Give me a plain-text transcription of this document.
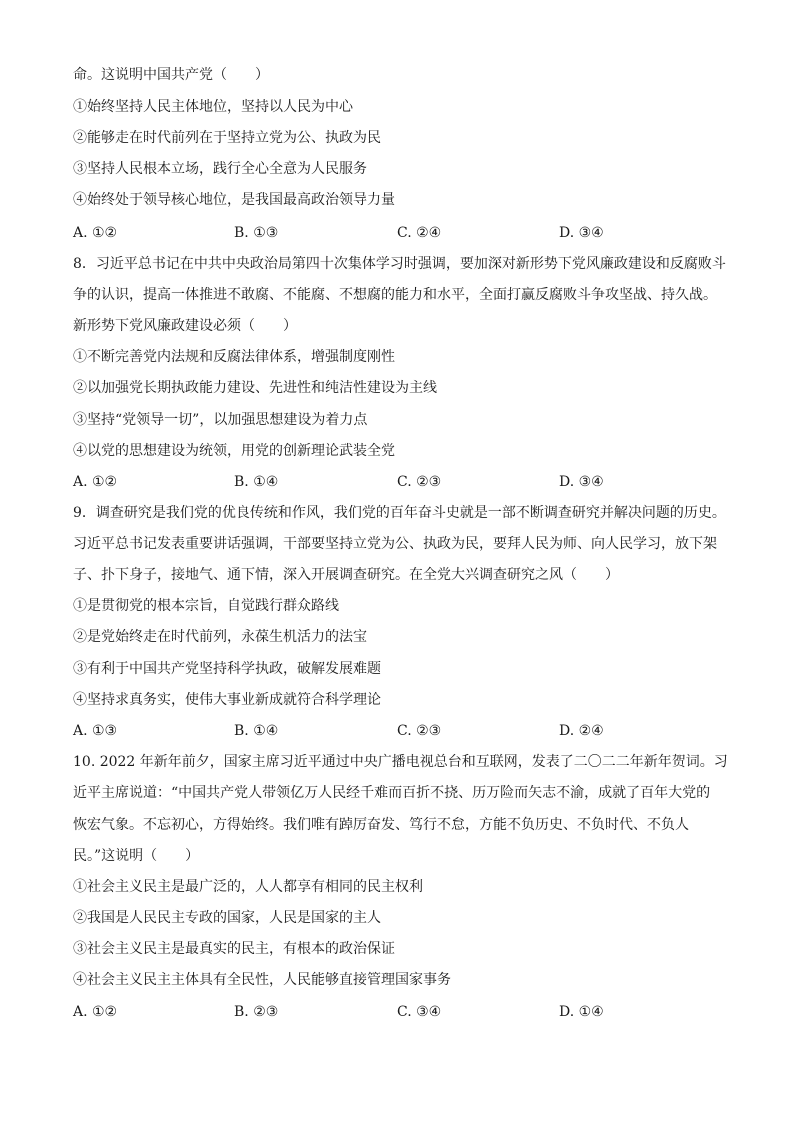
命。这说明中国共产党（　　）
①始终坚持人民主体地位，坚持以人民为中心
②能够走在时代前列在于坚持立党为公、执政为民
③坚持人民根本立场，践行全心全意为人民服务
④始终处于领导核心地位，是我国最高政治领导力量
A. ①②	B. ①③	C. ②④	D. ③④
8．习近平总书记在中共中央政治局第四十次集体学习时强调，要加深对新形势下党风廉政建设和反腐败斗
争的认识，提高一体推进不敢腐、不能腐、不想腐的能力和水平，全面打赢反腐败斗争攻坚战、持久战。
新形势下党风廉政建设必须（　　）
①不断完善党内法规和反腐法律体系，增强制度刚性
②以加强党长期执政能力建设、先进性和纯洁性建设为主线
③坚持“党领导一切”，以加强思想建设为着力点
④以党的思想建设为统领，用党的创新理论武装全党
A. ①②	B. ①④	C. ②③	D. ③④
9．调查研究是我们党的优良传统和作风，我们党的百年奋斗史就是一部不断调查研究并解决问题的历史。
习近平总书记发表重要讲话强调，干部要坚持立党为公、执政为民，要拜人民为师、向人民学习，放下架
子、扑下身子，接地气、通下情，深入开展调查研究。在全党大兴调查研究之风（　　）
①是贯彻党的根本宗旨，自觉践行群众路线
②是党始终走在时代前列，永葆生机活力的法宝
③有利于中国共产党坚持科学执政，破解发展难题
④坚持求真务实，使伟大事业新成就符合科学理论
A. ①③	B. ①④	C. ②③	D. ②④
10. 2022 年新年前夕，国家主席习近平通过中央广播电视总台和互联网，发表了二〇二二年新年贺词。习
近平主席说道：“中国共产党人带领亿万人民经千难而百折不挠、历万险而矢志不渝，成就了百年大党的
恢宏气象。不忘初心，方得始终。我们唯有踔厉奋发、笃行不怠，方能不负历史、不负时代、不负人
民。”这说明（　　）
①社会主义民主是最广泛的，人人都享有相同的民主权利
②我国是人民民主专政的国家，人民是国家的主人
③社会主义民主是最真实的民主，有根本的政治保证
④社会主义民主主体具有全民性，人民能够直接管理国家事务
A. ①②	B. ②③	C. ③④	D. ①④
